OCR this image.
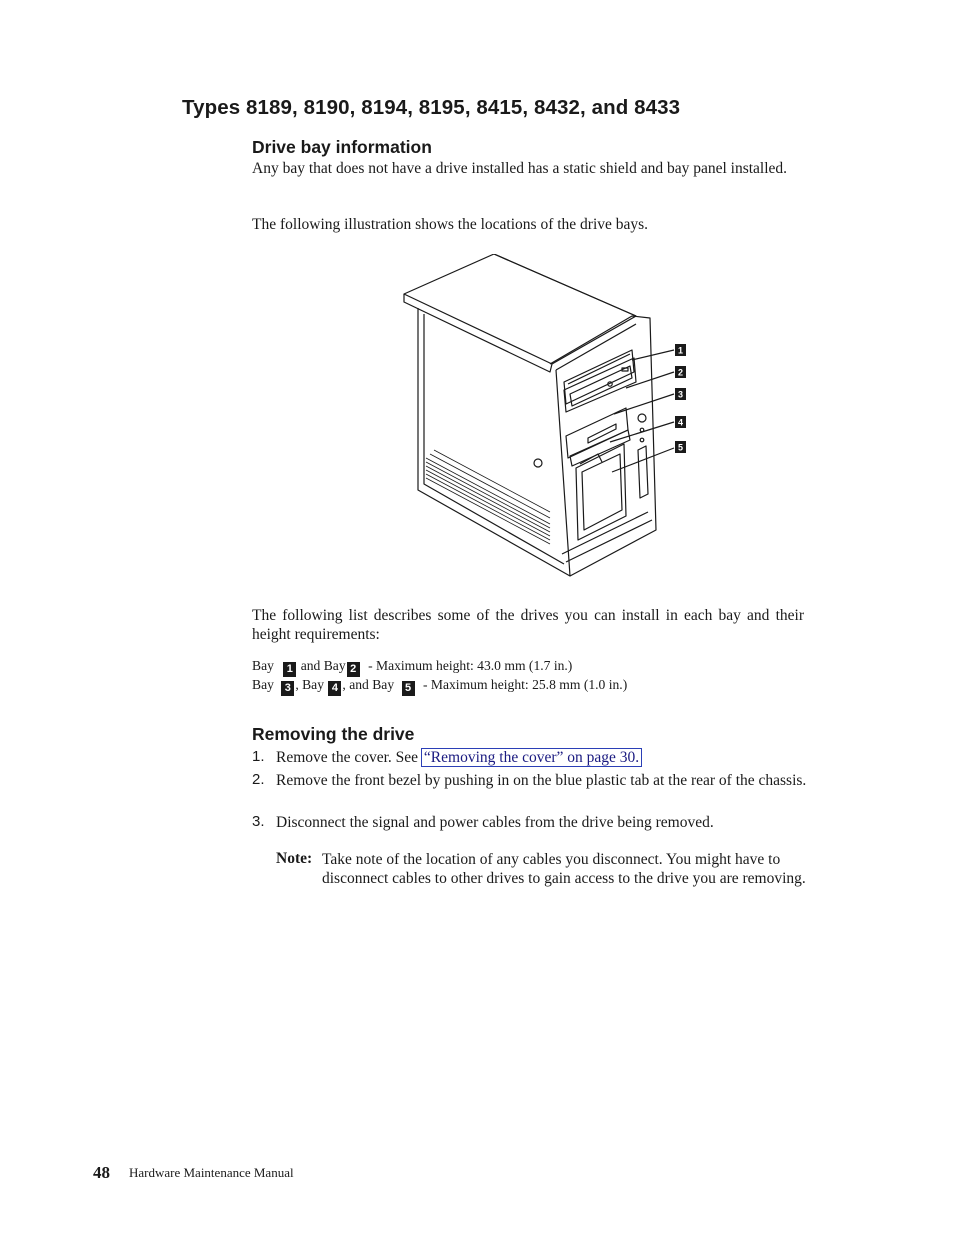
Types 8189, 8190, 8194, 8195, 8415, 8432, and 8433
Drive bay information

Any bay that does not have a drive installed has a static shield and bay panel installed.

The following illustration shows the locations of the drive bays.

1
2
3
4
5

The following list describes some of the drives you can install in each bay and their height requirements:

Bay 1 and Bay 2 - Maximum height: 43.0 mm (1.7 in.)

Bay 3 , Bay 4 , and Bay 5 - Maximum height: 25.8 mm (1.0 in.)

Removing the drive
1. Remove the cover. See “Removing the cover” on page 30.
2. Remove the front bezel by pushing in on the blue plastic tab at the rear of the chassis.
3. Disconnect the signal and power cables from the drive being removed.
Note: Take note of the location of any cables you disconnect. You might have to disconnect cables to other drives to gain access to the drive you are removing.
48 Hardware Maintenance Manual
